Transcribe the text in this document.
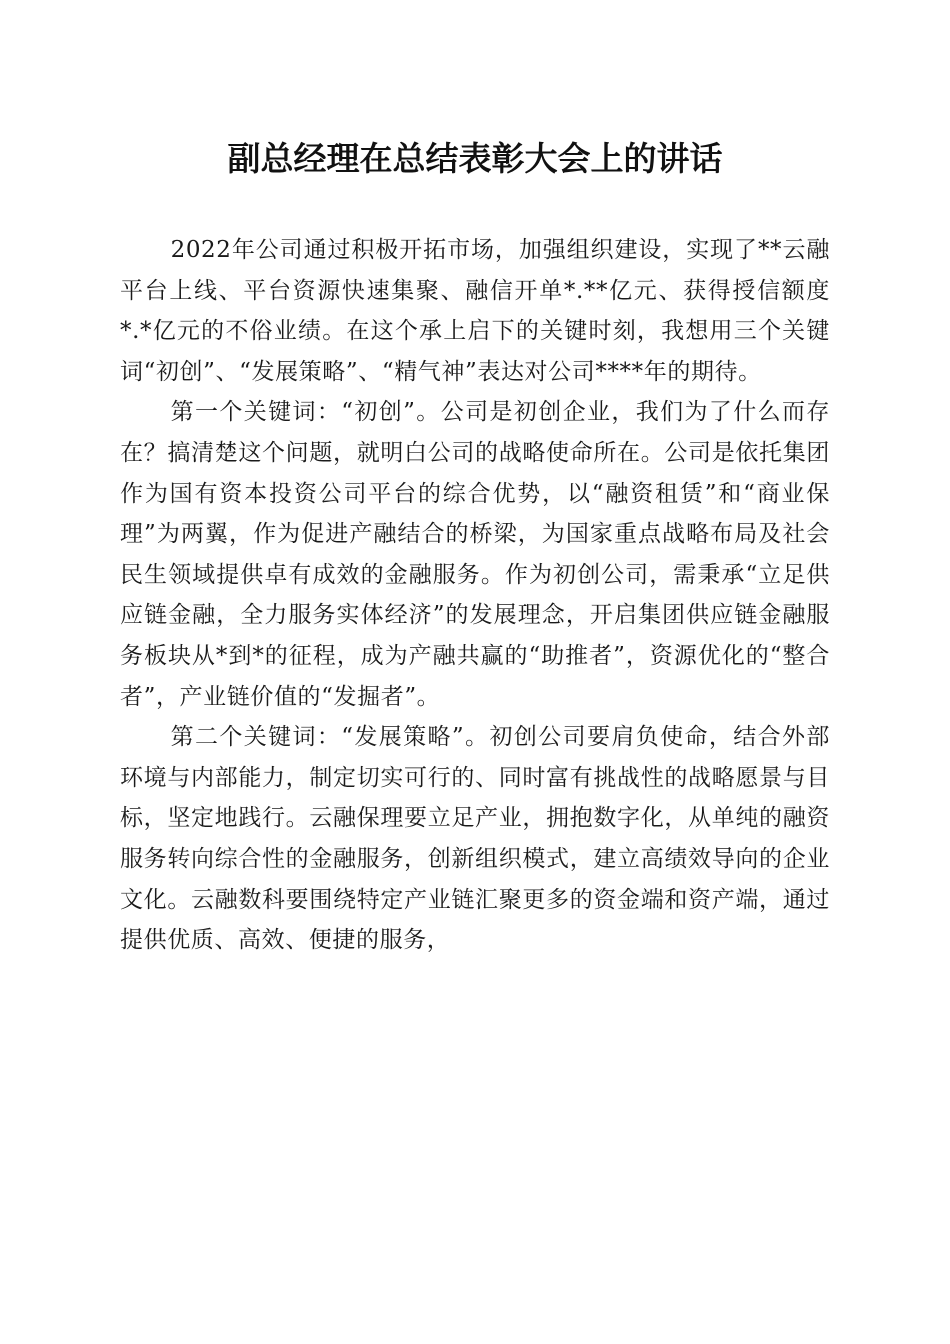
副总经理在总结表彰大会上的讲话

2022年公司通过积极开拓市场，加强组织建设，实现了**云融平台上线、平台资源快速集聚、融信开单*.**亿元、获得授信额度*.*亿元的不俗业绩。在这个承上启下的关键时刻，我想用三个关键词“初创”、“发展策略”、“精气神”表达对公司****年的期待。

第一个关键词：“初创”。公司是初创企业，我们为了什么而存在？搞清楚这个问题，就明白公司的战略使命所在。公司是依托集团作为国有资本投资公司平台的综合优势，以“融资租赁”和“商业保理”为两翼，作为促进产融结合的桥梁，为国家重点战略布局及社会民生领域提供卓有成效的金融服务。作为初创公司，需秉承“立足供应链金融，全力服务实体经济”的发展理念，开启集团供应链金融服务板块从*到*的征程，成为产融共赢的“助推者”，资源优化的“整合者”，产业链价值的“发掘者”。

第二个关键词：“发展策略”。初创公司要肩负使命，结合外部环境与内部能力，制定切实可行的、同时富有挑战性的战略愿景与目标，坚定地践行。云融保理要立足产业，拥抱数字化，从单纯的融资服务转向综合性的金融服务，创新组织模式，建立高绩效导向的企业文化。云融数科要围绕特定产业链汇聚更多的资金端和资产端，通过提供优质、高效、便捷的服务，
